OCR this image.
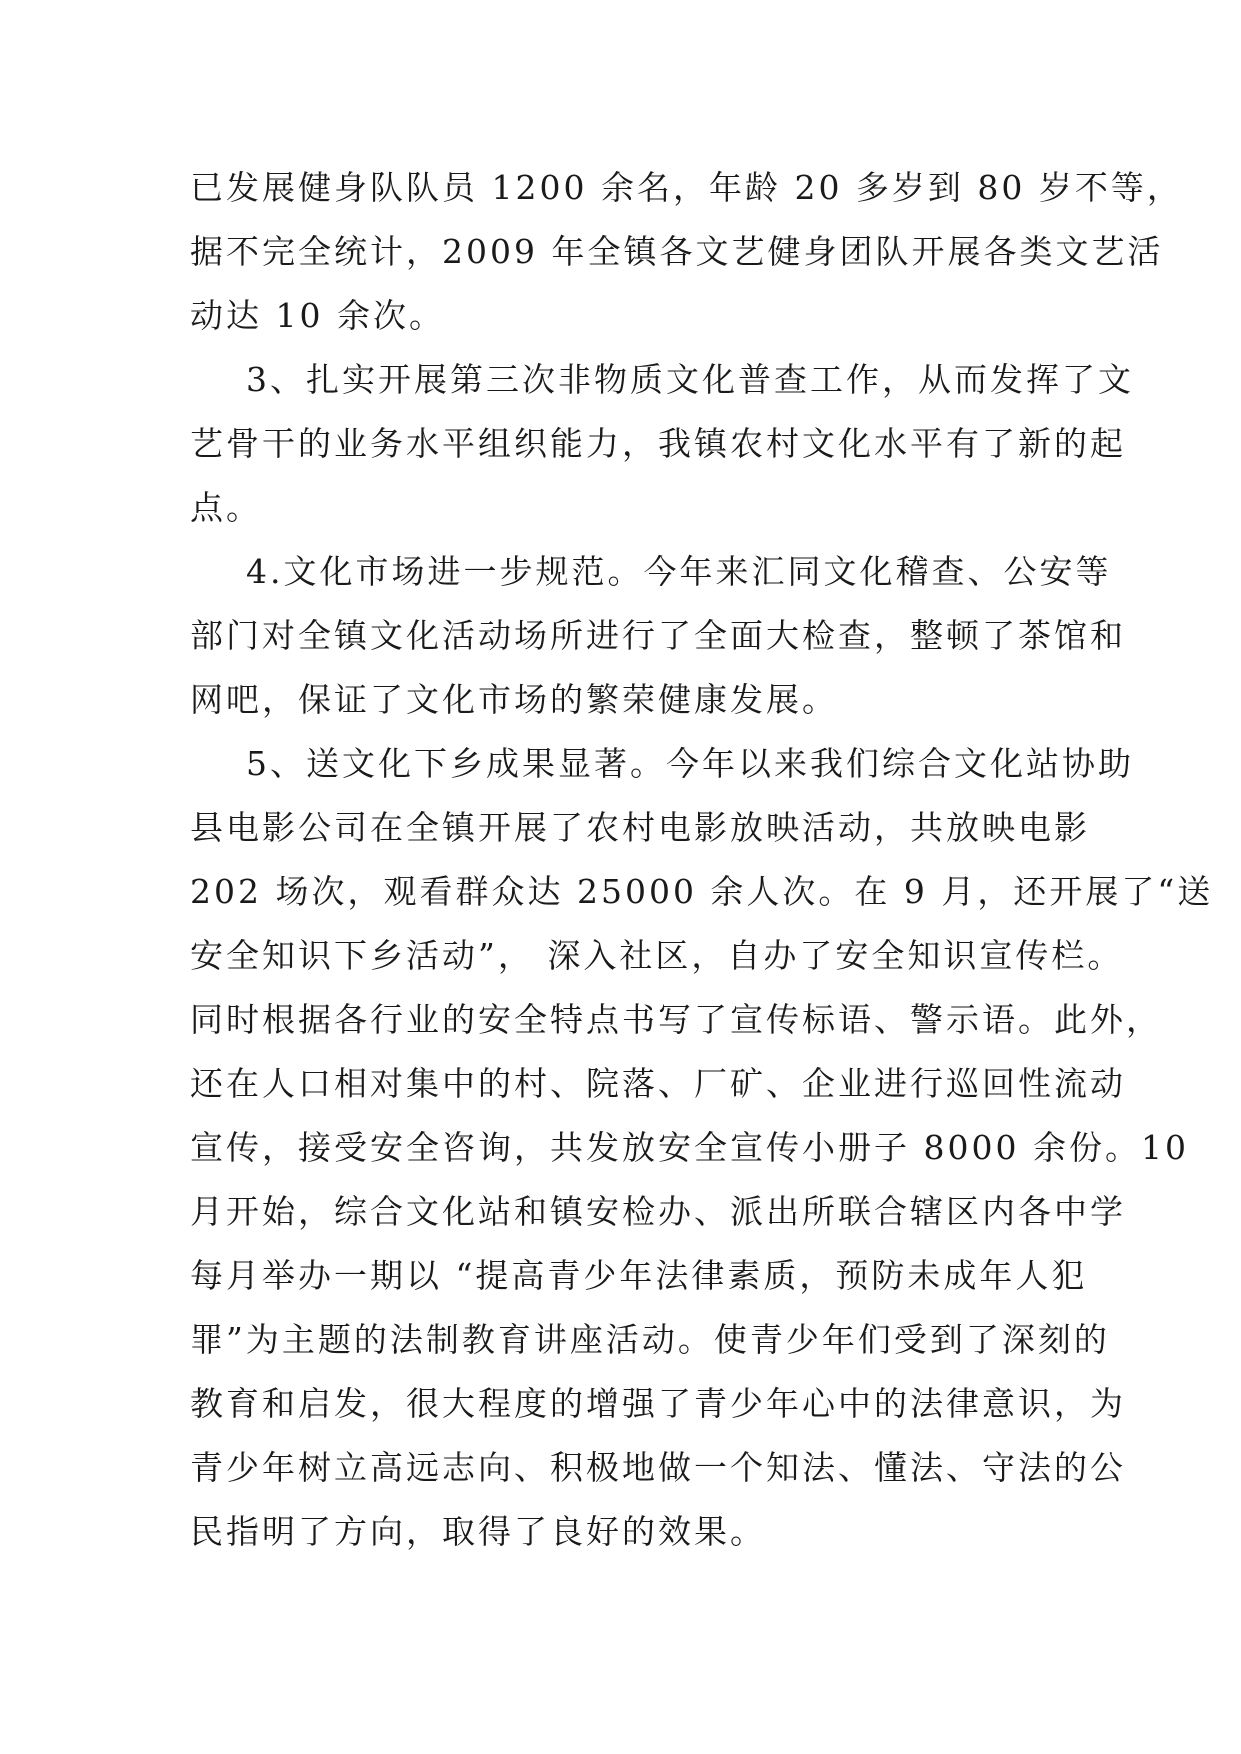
已发展健身队队员 1200 余名，年龄 20 多岁到 80 岁不等，
据不完全统计，2009 年全镇各文艺健身团队开展各类文艺活
动达 10 余次。
3、扎实开展第三次非物质文化普查工作，从而发挥了文
艺骨干的业务水平组织能力，我镇农村文化水平有了新的起
点。
4.文化市场进一步规范。今年来汇同文化稽查、公安等
部门对全镇文化活动场所进行了全面大检查，整顿了茶馆和
网吧，保证了文化市场的繁荣健康发展。
5、送文化下乡成果显著。今年以来我们综合文化站协助
县电影公司在全镇开展了农村电影放映活动，共放映电影
202 场次，观看群众达 25000 余人次。在 9 月，还开展了“送
安全知识下乡活动”， 深入社区，自办了安全知识宣传栏。
同时根据各行业的安全特点书写了宣传标语、警示语。此外，
还在人口相对集中的村、院落、厂矿、企业进行巡回性流动
宣传，接受安全咨询，共发放安全宣传小册子 8000 余份。10
月开始，综合文化站和镇安检办、派出所联合辖区内各中学
每月举办一期以 “提高青少年法律素质，预防未成年人犯
罪”为主题的法制教育讲座活动。使青少年们受到了深刻的
教育和启发，很大程度的增强了青少年心中的法律意识，为
青少年树立高远志向、积极地做一个知法、懂法、守法的公
民指明了方向，取得了良好的效果。
